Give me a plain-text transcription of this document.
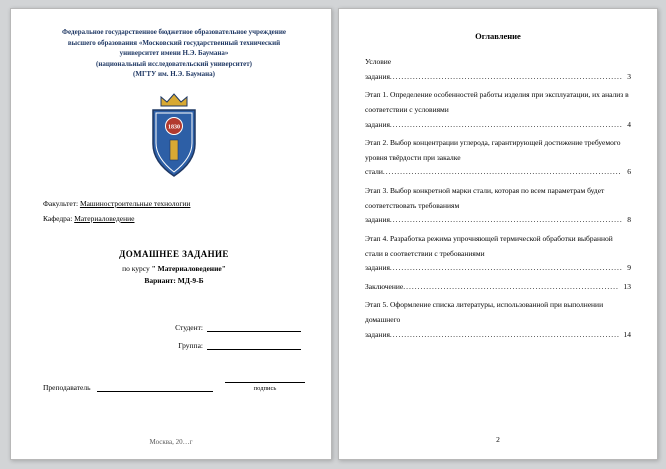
Федеральное государственное бюджетное образовательное учреждение
высшего образования «Московский государственный технический
университет имени Н.Э. Баумана»
(национальный исследовательский университет)
(МГТУ им. Н.Э. Баумана)
1830
Факультет: Машиностроительные технологии
Кафедра: Материаловедение
ДОМАШНЕЕ ЗАДАНИЕ
по курсу " Материаловедение"
Вариант: МД-9-Б
Студент:
Группа:
Преподаватель	подпись
Москва, 20…г
Оглавление
Условие задания .....	3
Этап 1. Определение особенностей работы изделия при эксплуатации, их анализ в соответствии с условиями задания .....	4
Этап 2. Выбор концентрации углерода, гарантирующей достижение требуемого уровня твёрдости при закалке стали .....	6
Этап 3. Выбор конкретной марки стали, которая по всем параметрам будет соответствовать требованиям задания .....	8
Этап 4. Разработка режима упрочняющей термической обработки выбранной стали в соответствии с требованиями задания .....	9
Заключение .....	13
Этап 5. Оформление списка литературы, использованной при выполнении домашнего задания .....	14
2
